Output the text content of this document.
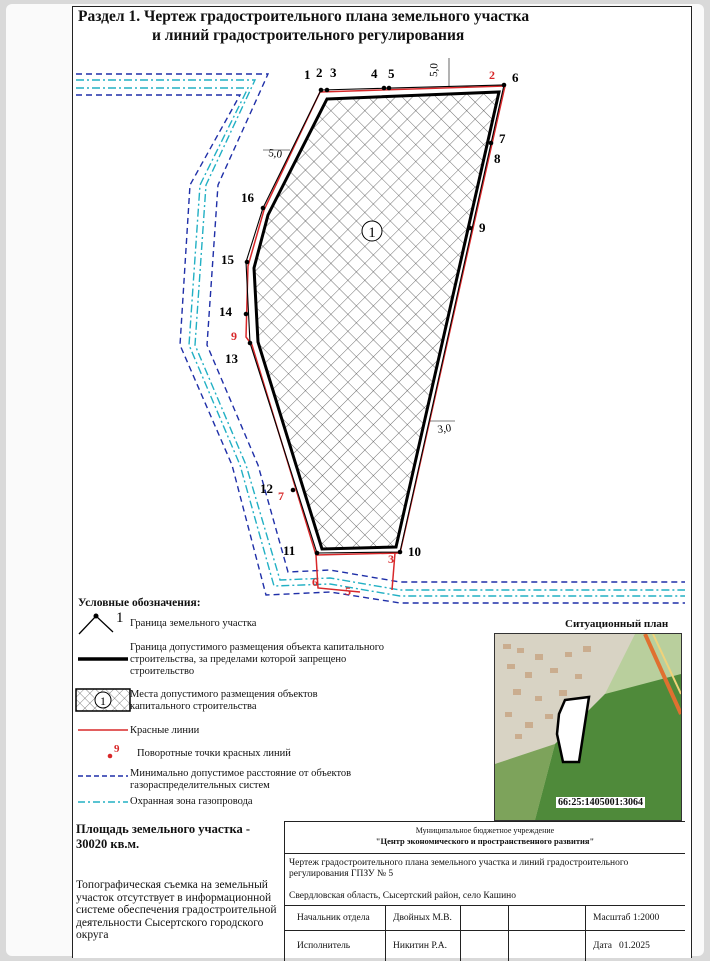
Раздел 1. Чертеж градостроительного плана земельного участка
и линий градостроительного регулирования
1
1 2 3	4 5	6
7
8
9
10
11
12
13
14
15
16
2
9
7
6
5
3
5,0
5,0
3,0
Условные обозначения:
1 Граница земельного участка
Граница допустимого размещения объекта капитального строительства, за пределами которой запрещено строительство
1 Места допустимого размещения объектов капитального строительства
Красные линии
9 Поворотные точки красных линий
Минимально допустимое расстояние от объектов газораспределительных систем
Охранная зона газопровода
Ситуационный план
66:25:1405001:3064
Площадь земельного участка -
30020 кв.м.
Топографическая съемка на земельный участок отсутствует в информационной системе обеспечения градостроительной деятельности Сысертского городского округа
Муниципальное бюджетное учреждение
"Центр экономического и пространственного развития"
Чертеж градостроительного плана земельного участка и линий градостроительного регулирования ГПЗУ № 5
Свердловская область, Сысертский район, село Кашино
Начальник отдела	Двойных М.В.	Масштаб 1:2000
Исполнитель	Никитин Р.А.	Дата   01.2025
